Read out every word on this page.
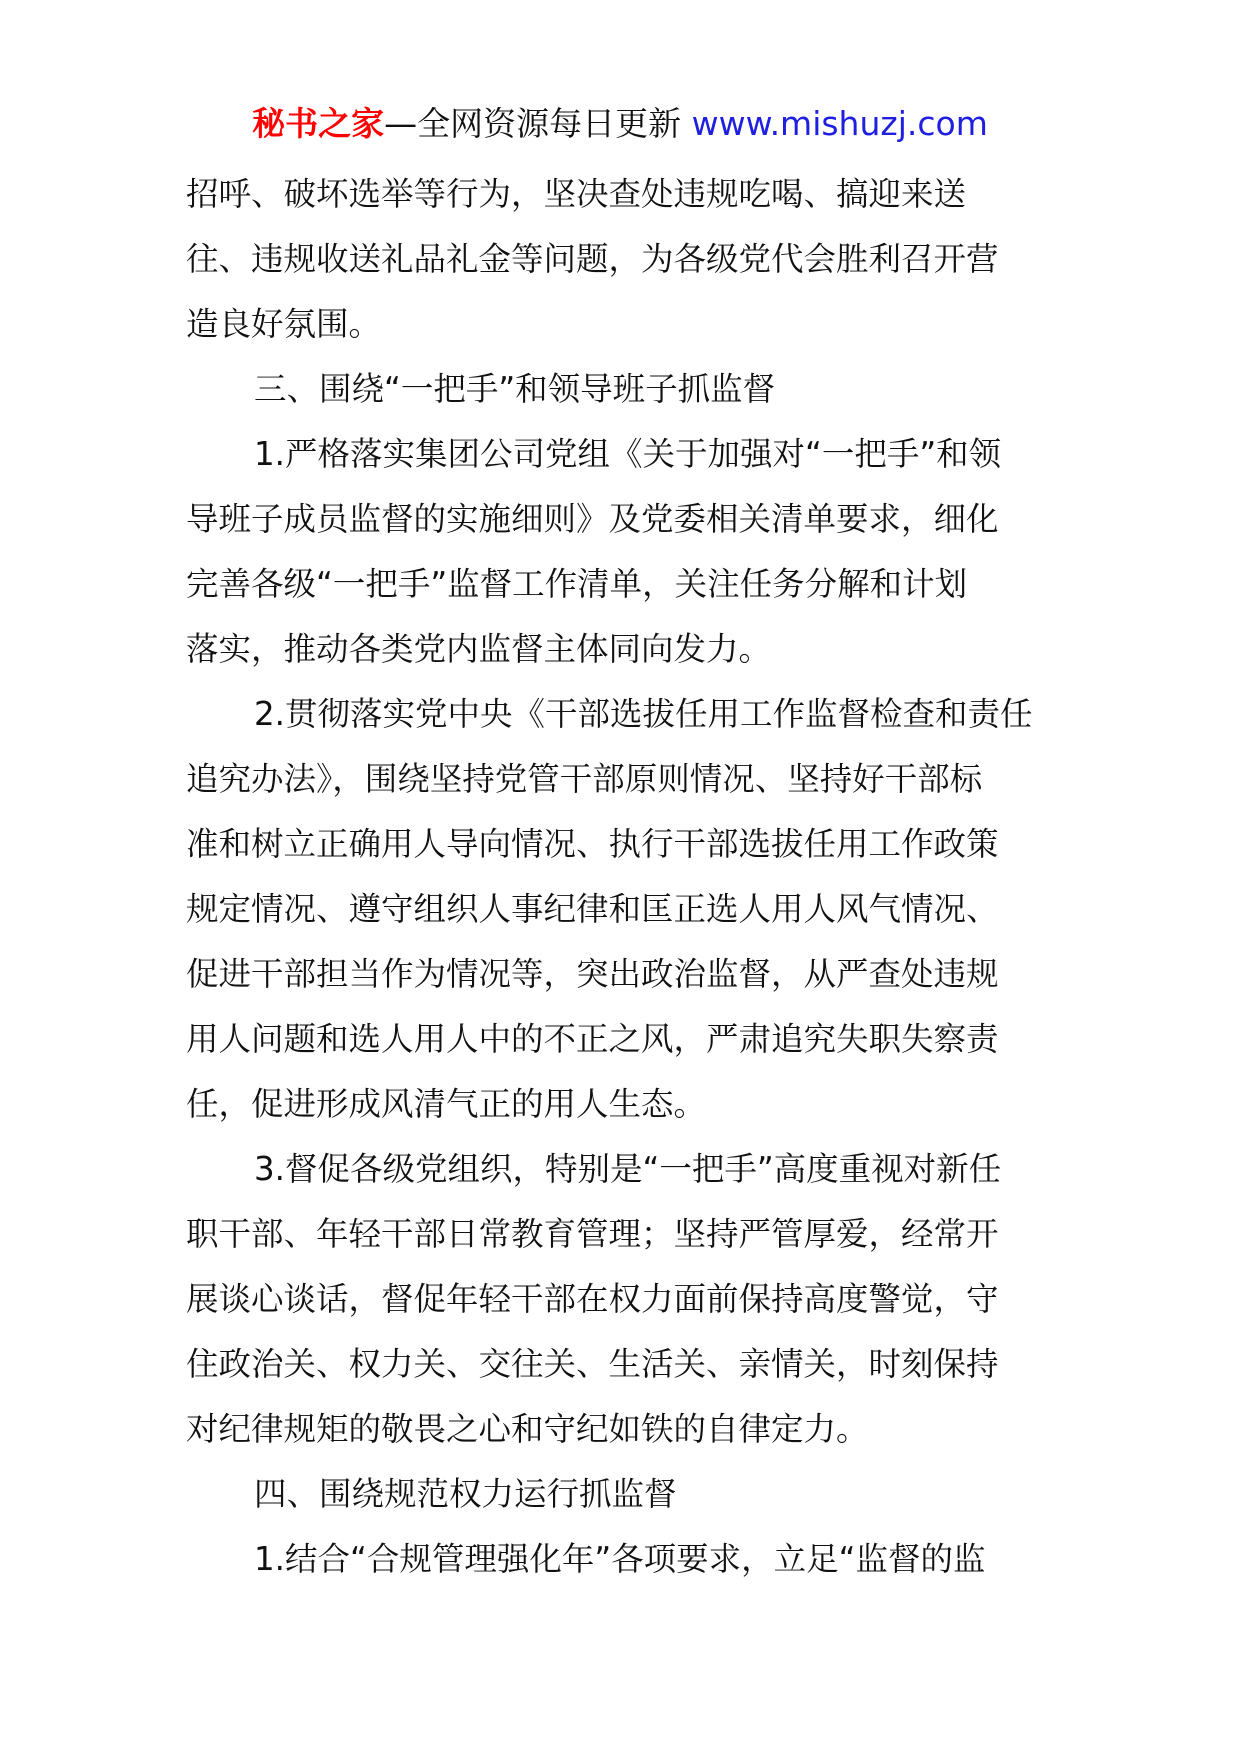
秘书之家—全网资源每日更新 www.mishuzj.com
招呼、破坏选举等行为，坚决查处违规吃喝、搞迎来送
往、违规收送礼品礼金等问题，为各级党代会胜利召开营
造良好氛围。
三、围绕“一把手”和领导班子抓监督
1.严格落实集团公司党组《关于加强对“一把手”和领
导班子成员监督的实施细则》及党委相关清单要求，细化
完善各级“一把手”监督工作清单，关注任务分解和计划
落实，推动各类党内监督主体同向发力。
2.贯彻落实党中央《干部选拔任用工作监督检查和责任
追究办法》，围绕坚持党管干部原则情况、坚持好干部标
准和树立正确用人导向情况、执行干部选拔任用工作政策
规定情况、遵守组织人事纪律和匡正选人用人风气情况、
促进干部担当作为情况等，突出政治监督，从严查处违规
用人问题和选人用人中的不正之风，严肃追究失职失察责
任，促进形成风清气正的用人生态。
3.督促各级党组织，特别是“一把手”高度重视对新任
职干部、年轻干部日常教育管理；坚持严管厚爱，经常开
展谈心谈话，督促年轻干部在权力面前保持高度警觉，守
住政治关、权力关、交往关、生活关、亲情关，时刻保持
对纪律规矩的敬畏之心和守纪如铁的自律定力。
四、围绕规范权力运行抓监督
1.结合“合规管理强化年”各项要求，立足“监督的监
